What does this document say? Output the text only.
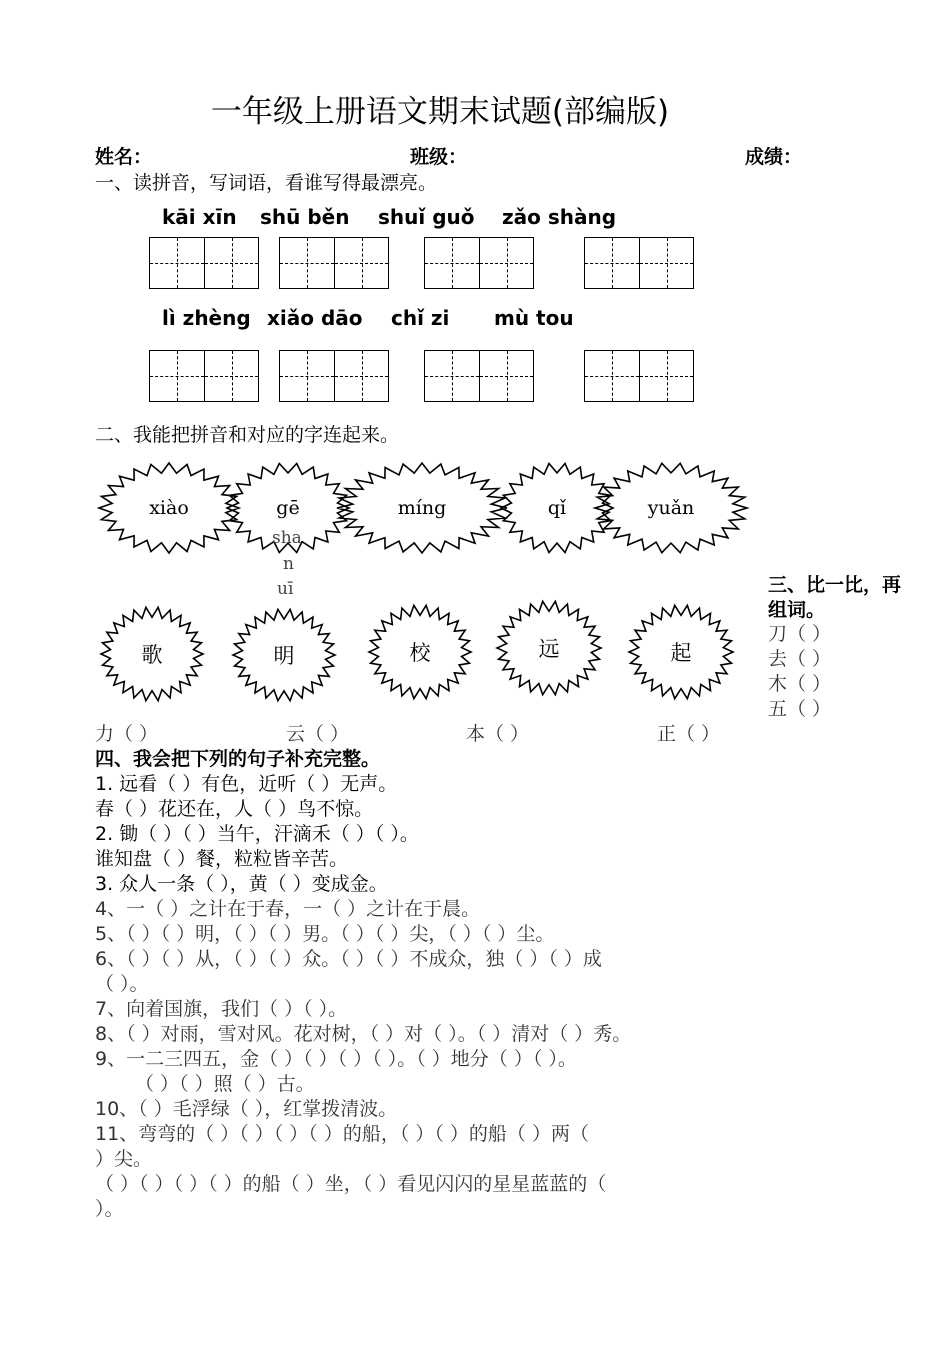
一年级上册语文期末试题(部编版)
姓名：	班级：	成绩：
一、读拼音，写词语，看谁写得最漂亮。
kāi xīn shū běn shuǐ guǒ zǎo shàng
lì zhèng xiǎo dāo chǐ zi mù tou
二、我能把拼音和对应的字连起来。
xiào	gē	míng	qǐ	yuǎn
sha
n
uī
歌	明	校	远	起
三、比一比，再
组词。
刀（ ）
去（ ）
木（ ）
五（ ）
力（ ）	云（ ）	本（ ）	正（ ）
四、我会把下列的句子补充完整。
1. 远看（ ）有色，近听（ ）无声。
春（ ）花还在，人（ ）鸟不惊。
2. 锄（ ）（ ）当午，汗滴禾（ ）（ ）。
谁知盘（ ）餐，粒粒皆辛苦。
3. 众人一条（ ），黄（ ）变成金。
4、一（ ）之计在于春，一（ ）之计在于晨。
5、（ ）（ ）明，（ ）（ ）男。（ ）（ ）尖，（ ）（ ）尘。
6、（ ）（ ）从，（ ）（ ）众。（ ）（ ）不成众，独（ ）（ ）成
（ ）。
7、向着国旗，我们（ ）（ ）。
8、（ ）对雨，雪对风。花对树，（ ）对（ ）。（ ）清对（ ）秀。
9、一二三四五，金（ ）（ ）（ ）（ ）。（ ）地分（ ）（ ）。
（ ）（ ）照（ ）古。
10、（ ）毛浮绿（ ），红掌拨清波。
11、弯弯的（ ）（ ）（ ）（ ）的船，（ ）（ ）的船（ ）两（
）尖。
（ ）（ ）（ ）（ ）的船（ ）坐，（ ）看见闪闪的星星蓝蓝的（
）。
